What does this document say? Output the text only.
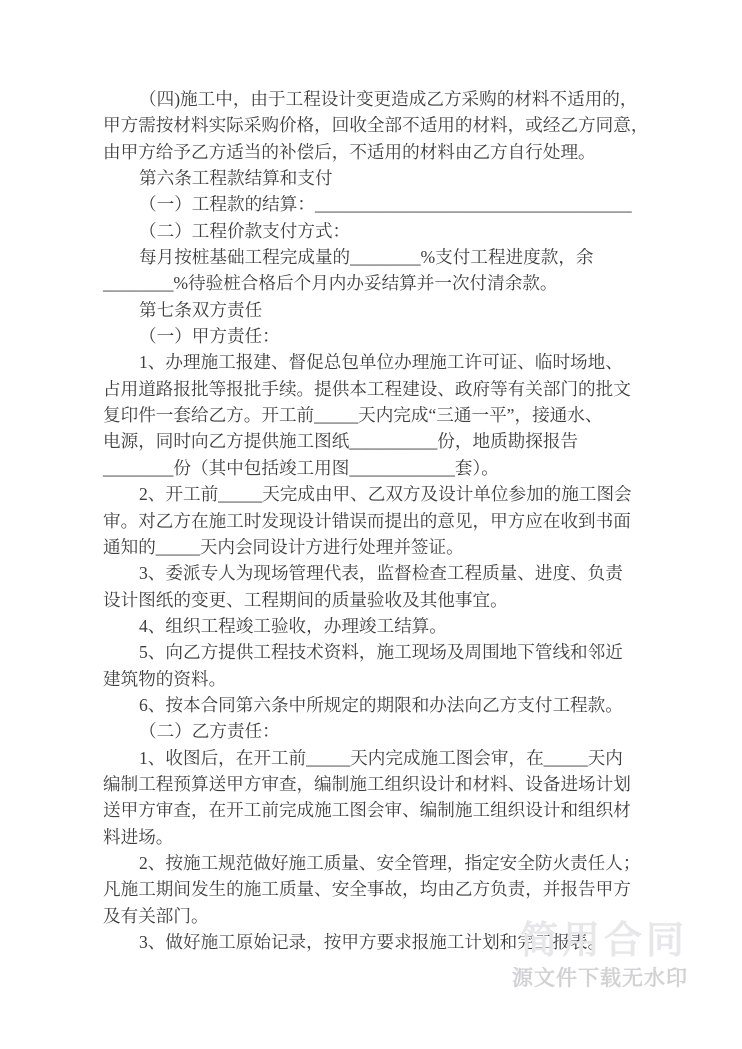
（四)施工中，由于工程设计变更造成乙方采购的材料不适用的，
甲方需按材料实际采购价格，回收全部不适用的材料，或经乙方同意，
由甲方给予乙方适当的补偿后，不适用的材料由乙方自行处理。
第六条工程款结算和支付
（一）工程款的结算：____________________________________
（二）工程价款支付方式：
每月按桩基础工程完成量的________%支付工程进度款，余
________%待验桩合格后个月内办妥结算并一次付清余款。
第七条双方责任
（一）甲方责任：
1、办理施工报建、督促总包单位办理施工许可证、临时场地、
占用道路报批等报批手续。提供本工程建设、政府等有关部门的批文
复印件一套给乙方。开工前_____天内完成“三通一平”，接通水、
电源，同时向乙方提供施工图纸__________份，地质勘探报告
________份（其中包括竣工用图____________套）。
2、开工前_____天完成由甲、乙双方及设计单位参加的施工图会
审。对乙方在施工时发现设计错误而提出的意见，甲方应在收到书面
通知的_____天内会同设计方进行处理并签证。
3、委派专人为现场管理代表，监督检查工程质量、进度、负责
设计图纸的变更、工程期间的质量验收及其他事宜。
4、组织工程竣工验收，办理竣工结算。
5、向乙方提供工程技术资料，施工现场及周围地下管线和邻近
建筑物的资料。
6、按本合同第六条中所规定的期限和办法向乙方支付工程款。
（二）乙方责任：
1、收图后，在开工前_____天内完成施工图会审，在_____天内
编制工程预算送甲方审查，编制施工组织设计和材料、设备进场计划
送甲方审查，在开工前完成施工图会审、编制施工组织设计和组织材
料进场。
2、按施工规范做好施工质量、安全管理，指定安全防火责任人；
凡施工期间发生的施工质量、安全事故，均由乙方负责，并报告甲方
及有关部门。
3、做好施工原始记录，按甲方要求报施工计划和完工报表。
简用合同
源文件下载无水印
